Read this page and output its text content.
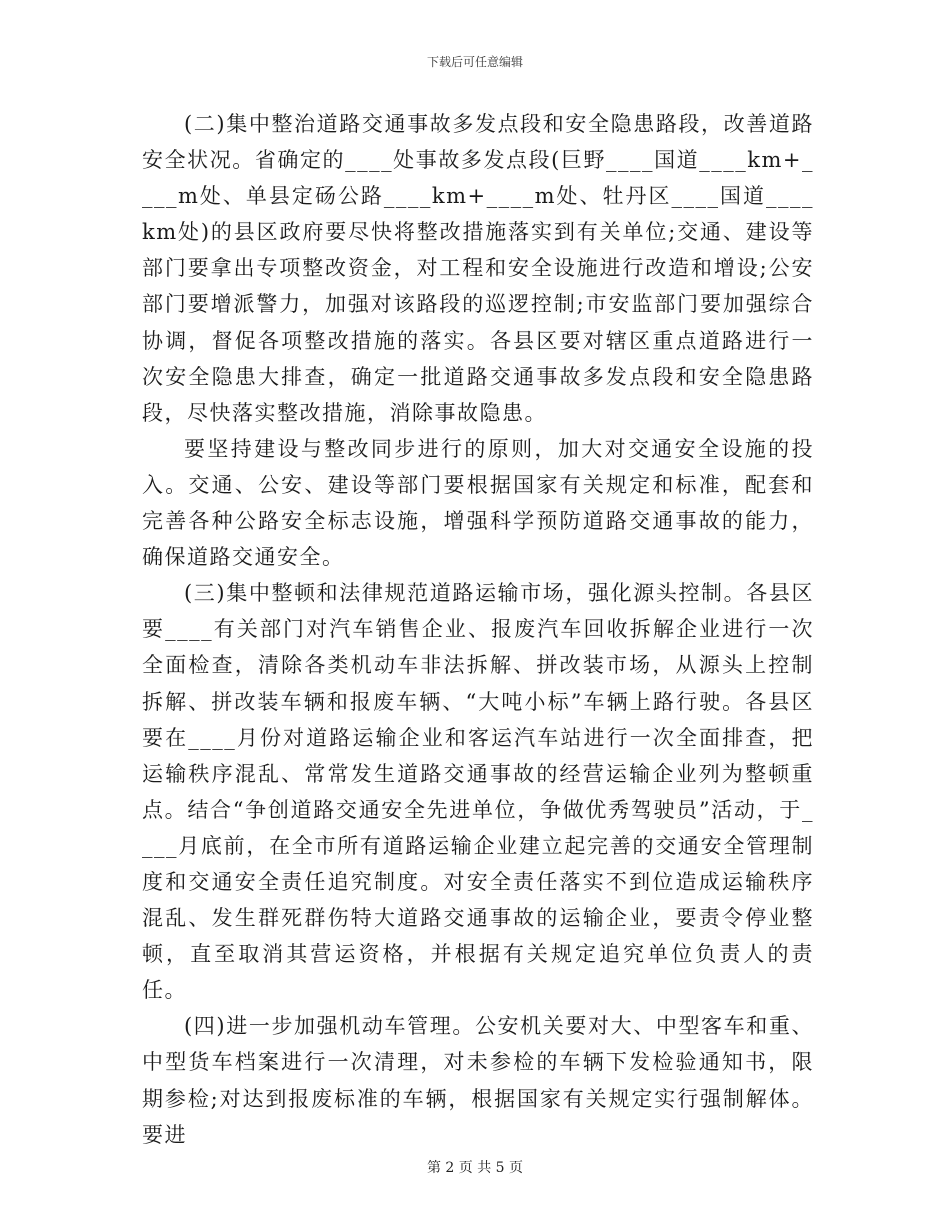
下载后可任意编辑

(二)集中整治道路交通事故多发点段和安全隐患路段，改善道路安全状况。省确定的____处事故多发点段(巨野____国道____km+____m处、单县定砀公路____km+____m处、牡丹区____国道____km处)的县区政府要尽快将整改措施落实到有关单位;交通、建设等部门要拿出专项整改资金，对工程和安全设施进行改造和增设;公安部门要增派警力，加强对该路段的巡逻控制;市安监部门要加强综合协调，督促各项整改措施的落实。各县区要对辖区重点道路进行一次安全隐患大排查，确定一批道路交通事故多发点段和安全隐患路段，尽快落实整改措施，消除事故隐患。

要坚持建设与整改同步进行的原则，加大对交通安全设施的投入。交通、公安、建设等部门要根据国家有关规定和标准，配套和完善各种公路安全标志设施，增强科学预防道路交通事故的能力，确保道路交通安全。

(三)集中整顿和法律规范道路运输市场，强化源头控制。各县区要____有关部门对汽车销售企业、报废汽车回收拆解企业进行一次全面检查，清除各类机动车非法拆解、拼改装市场，从源头上控制拆解、拼改装车辆和报废车辆、“大吨小标”车辆上路行驶。各县区要在____月份对道路运输企业和客运汽车站进行一次全面排查，把运输秩序混乱、常常发生道路交通事故的经营运输企业列为整顿重点。结合“争创道路交通安全先进单位，争做优秀驾驶员”活动，于____月底前，在全市所有道路运输企业建立起完善的交通安全管理制度和交通安全责任追究制度。对安全责任落实不到位造成运输秩序混乱、发生群死群伤特大道路交通事故的运输企业，要责令停业整顿，直至取消其营运资格，并根据有关规定追究单位负责人的责任。

(四)进一步加强机动车管理。公安机关要对大、中型客车和重、中型货车档案进行一次清理，对未参检的车辆下发检验通知书，限期参检;对达到报废标准的车辆，根据国家有关规定实行强制解体。要进

第 2 页 共 5 页
